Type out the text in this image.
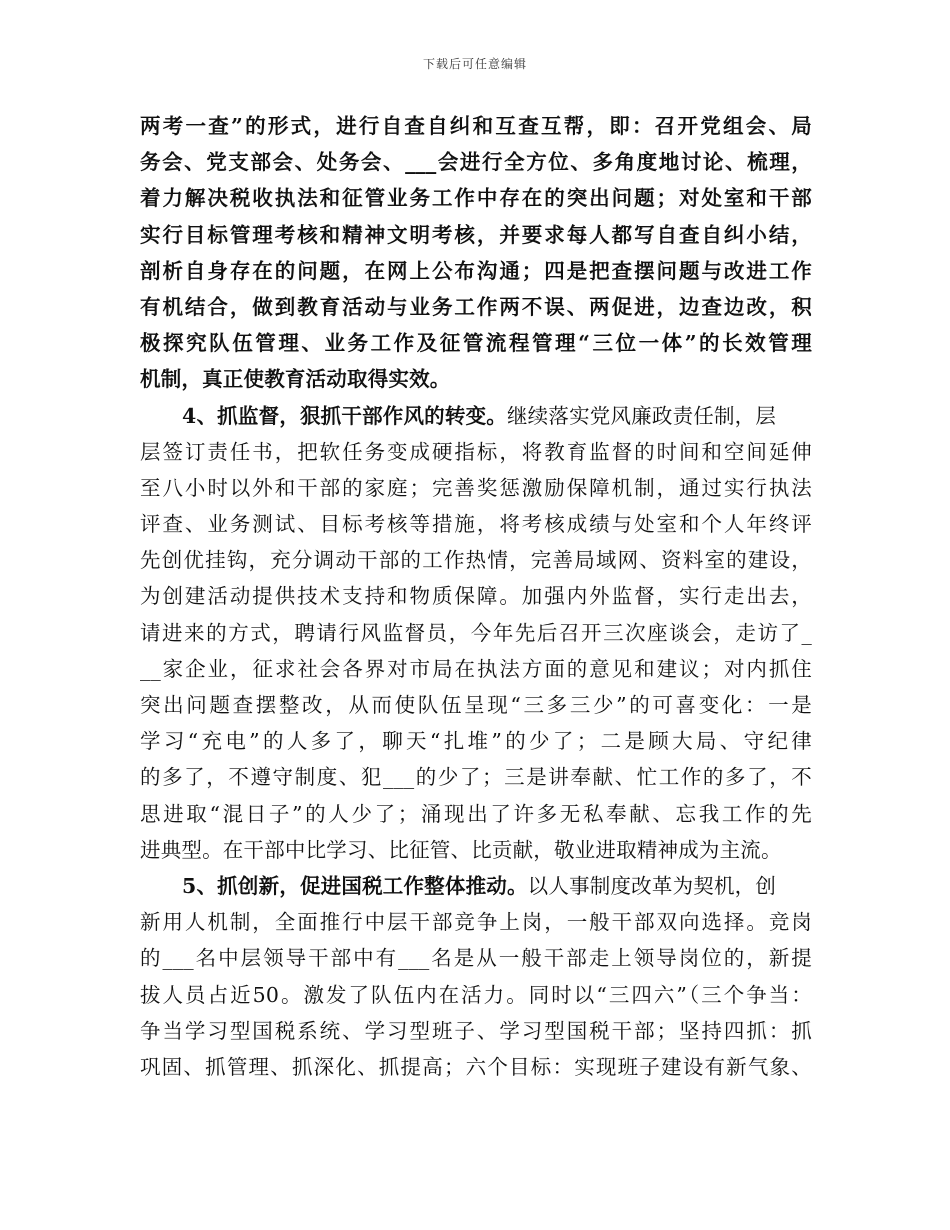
下载后可任意编辑
两考一查”的形式，进行自查自纠和互查互帮，即：召开党组会、局
务会、党支部会、处务会、___会进行全方位、多角度地讨论、梳理，
着力解决税收执法和征管业务工作中存在的突出问题；对处室和干部
实行目标管理考核和精神文明考核，并要求每人都写自查自纠小结，
剖析自身存在的问题，在网上公布沟通；四是把查摆问题与改进工作
有机结合，做到教育活动与业务工作两不误、两促进，边查边改，积
极探究队伍管理、业务工作及征管流程管理“三位一体”的长效管理
机制，真正使教育活动取得实效。
4、抓监督，狠抓干部作风的转变。继续落实党风廉政责任制，层
层签订责任书，把软任务变成硬指标，将教育监督的时间和空间延伸
至八小时以外和干部的家庭；完善奖惩激励保障机制，通过实行执法
评查、业务测试、目标考核等措施，将考核成绩与处室和个人年终评
先创优挂钩，充分调动干部的工作热情，完善局域网、资料室的建设，
为创建活动提供技术支持和物质保障。加强内外监督，实行走出去，
请进来的方式，聘请行风监督员，今年先后召开三次座谈会，走访了_
__家企业，征求社会各界对市局在执法方面的意见和建议；对内抓住
突出问题查摆整改，从而使队伍呈现“三多三少”的可喜变化：一是
学习“充电”的人多了，聊天“扎堆”的少了；二是顾大局、守纪律
的多了，不遵守制度、犯___的少了；三是讲奉献、忙工作的多了，不
思进取“混日子”的人少了；涌现出了许多无私奉献、忘我工作的先
进典型。在干部中比学习、比征管、比贡献，敬业进取精神成为主流。
5、抓创新，促进国税工作整体推动。以人事制度改革为契机，创
新用人机制，全面推行中层干部竞争上岗，一般干部双向选择。竞岗
的___名中层领导干部中有___名是从一般干部走上领导岗位的，新提
拔人员占近50。激发了队伍内在活力。同时以“三四六”（三个争当：
争当学习型国税系统、学习型班子、学习型国税干部；坚持四抓：抓
巩固、抓管理、抓深化、抓提高；六个目标：实现班子建设有新气象、
